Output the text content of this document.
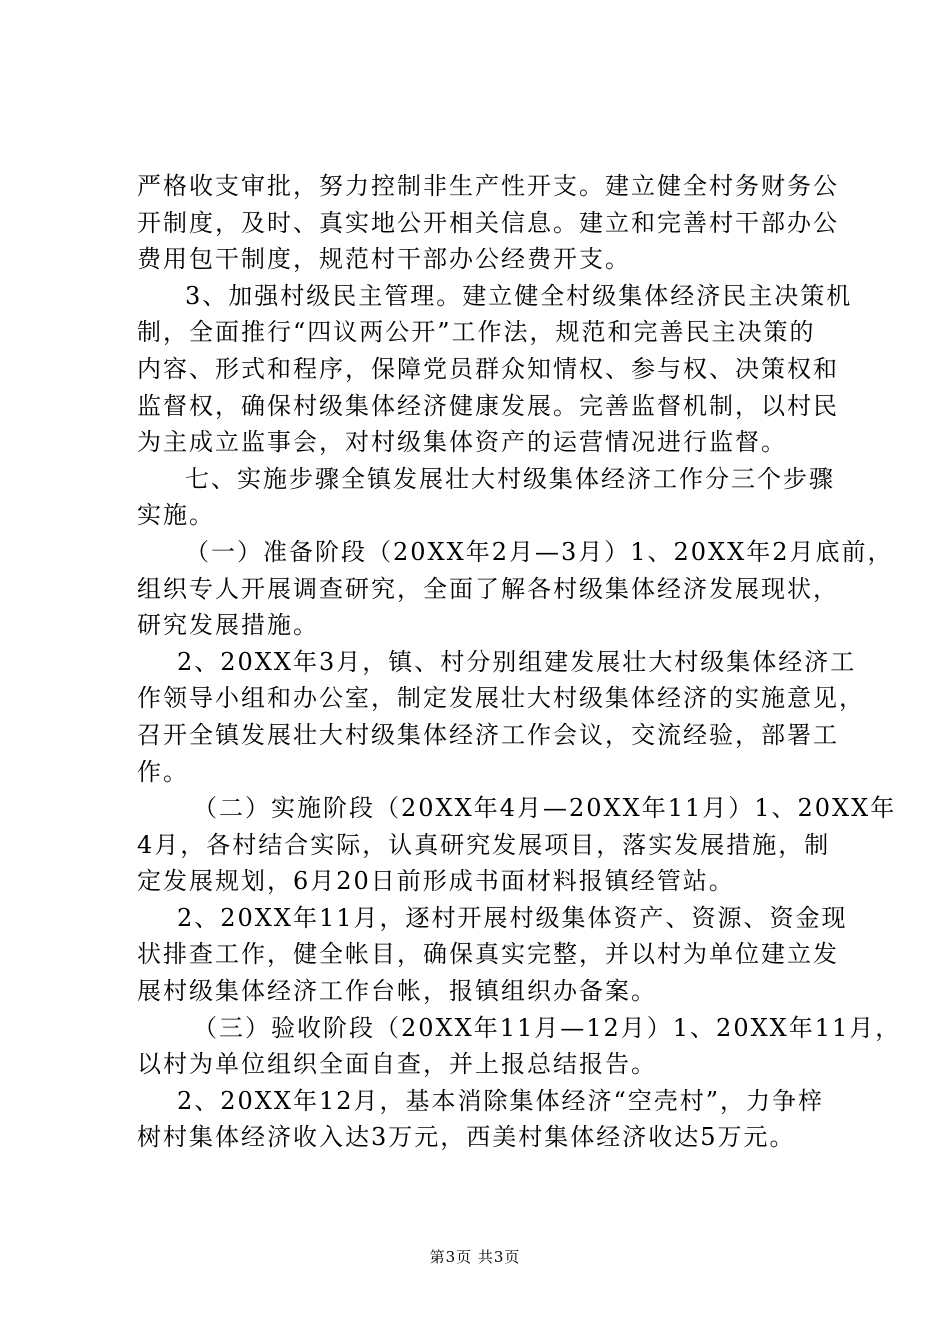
严格收支审批，努力控制非生产性开支。建立健全村务财务公
开制度，及时、真实地公开相关信息。建立和完善村干部办公
费用包干制度，规范村干部办公经费开支。
3、加强村级民主管理。建立健全村级集体经济民主决策机
制，全面推行“四议两公开”工作法，规范和完善民主决策的
内容、形式和程序，保障党员群众知情权、参与权、决策权和
监督权，确保村级集体经济健康发展。完善监督机制，以村民
为主成立监事会，对村级集体资产的运营情况进行监督。
七、实施步骤全镇发展壮大村级集体经济工作分三个步骤
实施。
（一）准备阶段（20XX年2月—3月）1、20XX年2月底前，
组织专人开展调查研究，全面了解各村级集体经济发展现状，
研究发展措施。
2、20XX年3月，镇、村分别组建发展壮大村级集体经济工
作领导小组和办公室，制定发展壮大村级集体经济的实施意见，
召开全镇发展壮大村级集体经济工作会议，交流经验，部署工
作。
（二）实施阶段（20XX年4月—20XX年11月）1、20XX年
4月，各村结合实际，认真研究发展项目，落实发展措施，制
定发展规划，6月20日前形成书面材料报镇经管站。
2、20XX年11月，逐村开展村级集体资产、资源、资金现
状排查工作，健全帐目，确保真实完整，并以村为单位建立发
展村级集体经济工作台帐，报镇组织办备案。
（三）验收阶段（20XX年11月—12月）1、20XX年11月，
以村为单位组织全面自查，并上报总结报告。
2、20XX年12月，基本消除集体经济“空壳村”，力争梓
树村集体经济收入达3万元，西美村集体经济收达5万元。
第3页 共3页
